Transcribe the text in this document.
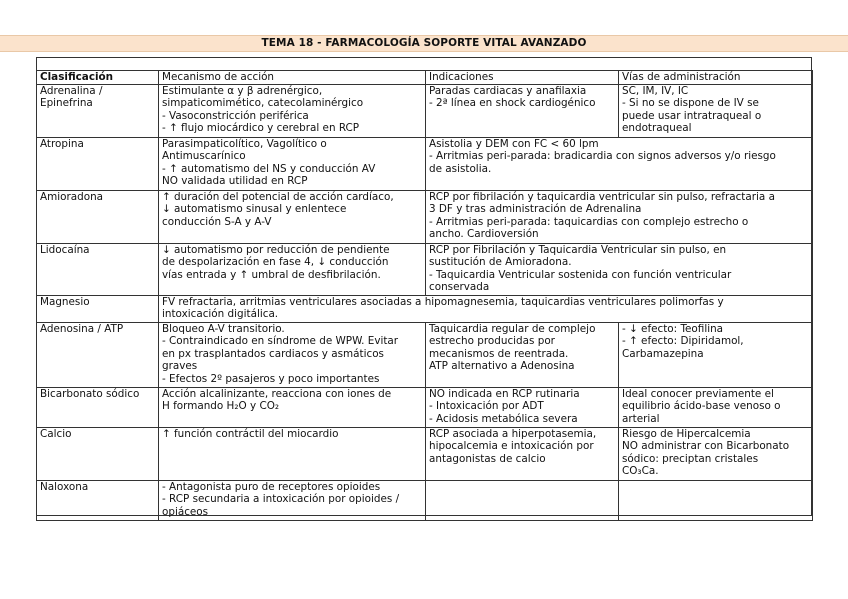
TEMA 18 - FARMACOLOGÍA SOPORTE VITAL AVANZADO
Clasificación	Mecanismo de acción	Indicaciones	Vías de administración

Adrenalina /
Epinefrina	Estimulante α y β adrenérgico,
simpaticomimético, catecolaminérgico
- Vasoconstricción periférica
- ↑ flujo miocárdico y cerebral en RCP	Paradas cardiacas y anafilaxia
- 2ª línea en shock cardiogénico	SC, IM, IV, IC
- Si no se dispone de IV se
puede usar intratraqueal o
endotraqueal

Atropina	Parasimpaticolítico, Vagolítico o
Antimuscarínico
- ↑ automatismo del NS y conducción AV
NO validada utilidad en RCP	Asistolia y DEM con FC < 60 lpm
- Arritmias peri-parada: bradicardia con signos adversos y/o riesgo
de asistolia.	

Amioradona	↑ duración del potencial de acción cardíaco,
↓ automatismo sinusal y enlentece
conducción S-A y A-V	RCP por fibrilación y taquicardia ventricular sin pulso, refractaria a
3 DF y tras administración de Adrenalina
- Arritmias peri-parada: taquicardias con complejo estrecho o
ancho. Cardioversión	

Lidocaína	↓ automatismo por reducción de pendiente
de despolarización en fase 4, ↓ conducción
vías entrada y ↑ umbral de desfibrilación.	RCP por Fibrilación y Taquicardia Ventricular sin pulso, en
sustitución de Amioradona.
- Taquicardia Ventricular sostenida con función ventricular
conservada	

Magnesio	FV refractaria, arritmias ventriculares asociadas a hipomagnesemia, taquicardias ventriculares polimorfas y
intoxicación digitálica.		

Adenosina / ATP	Bloqueo A-V transitorio.
- Contraindicado en síndrome de WPW. Evitar
en px trasplantados cardiacos y asmáticos
graves
- Efectos 2º pasajeros y poco importantes	Taquicardia regular de complejo
estrecho producidas por
mecanismos de reentrada.
ATP alternativo a Adenosina	- ↓ efecto: Teofilina
- ↑ efecto: Dipiridamol,
Carbamazepina

Bicarbonato sódico	Acción alcalinizante, reacciona con iones de
H formando H₂O y CO₂	NO indicada en RCP rutinaria
- Intoxicación por ADT
- Acidosis metabólica severa	Ideal conocer previamente el
equilibrio ácido-base venoso o
arterial

Calcio	↑ función contráctil del miocardio	RCP asociada a hiperpotasemia,
hipocalcemia e intoxicación por
antagonistas de calcio	Riesgo de Hipercalcemia
NO administrar con Bicarbonato
sódico: preciptan cristales
CO₃Ca.

Naloxona	- Antagonista puro de receptores opioides
- RCP secundaria a intoxicación por opioides /
opiáceos		
